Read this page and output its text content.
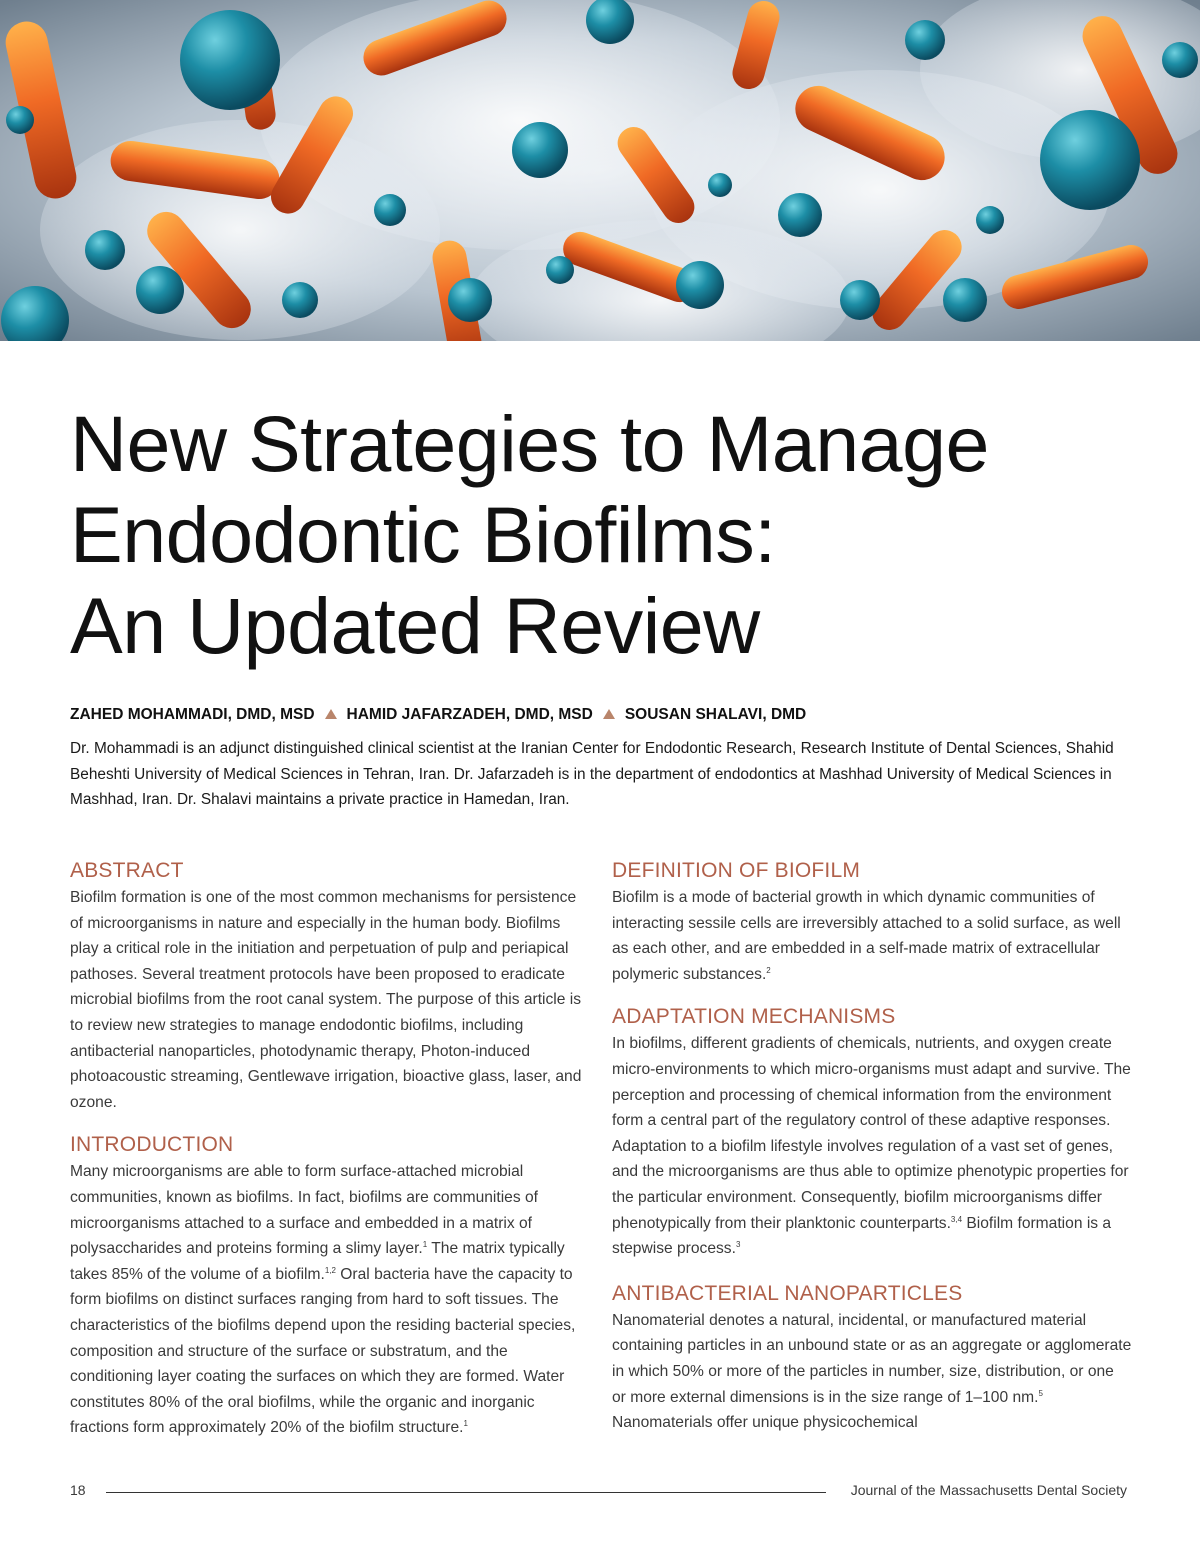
New Strategies to Manage
Endodontic Biofilms:
An Updated Review
ZAHED MOHAMMADI, DMD, MSD HAMID JAFARZADEH, DMD, MSD SOUSAN SHALAVI, DMD

Dr. Mohammadi is an adjunct distinguished clinical scientist at the Iranian Center for Endodontic Research, Research Institute of Dental Sciences, Shahid Beheshti University of Medical Sciences in Tehran, Iran. Dr. Jafarzadeh is in the department of endodontics at Mashhad University of Medical Sciences in Mashhad, Iran. Dr. Shalavi maintains a private practice in Hamedan, Iran.

ABSTRACT

Biofilm formation is one of the most common mechanisms for persistence of microorganisms in nature and especially in the human body. Biofilms play a critical role in the initiation and perpetuation of pulp and periapical pathoses. Several treatment protocols have been proposed to eradicate microbial biofilms from the root canal system. The purpose of this article is to review new strategies to manage endodontic biofilms, including antibacterial nanoparticles, photodynamic therapy, Photon-induced photoacoustic streaming, Gentlewave irrigation, bioactive glass, laser, and ozone.

INTRODUCTION

Many microorganisms are able to form surface-attached microbial communities, known as biofilms. In fact, biofilms are communities of microorganisms attached to a surface and embedded in a matrix of polysaccharides and proteins forming a slimy layer.$^1$ The matrix typically takes 85% of the volume of a biofilm.$^{1,2}$ Oral bacteria have the capacity to form biofilms on distinct surfaces ranging from hard to soft tissues. The characteristics of the biofilms depend upon the residing bacterial species, composition and structure of the surface or substratum, and the conditioning layer coating the surfaces on which they are formed. Water constitutes 80% of the oral biofilms, while the organic and inorganic fractions form approximately 20% of the biofilm structure.$^1$

DEFINITION OF BIOFILM

Biofilm is a mode of bacterial growth in which dynamic communities of interacting sessile cells are irreversibly attached to a solid surface, as well as each other, and are embedded in a self-made matrix of extracellular polymeric substances.$^2$

ADAPTATION MECHANISMS

In biofilms, different gradients of chemicals, nutrients, and oxygen create micro-environments to which micro-organisms must adapt and survive. The perception and processing of chemical information from the environment form a central part of the regulatory control of these adaptive responses. Adaptation to a biofilm lifestyle involves regulation of a vast set of genes, and the microorganisms are thus able to optimize phenotypic properties for the particular environment. Consequently, biofilm microorganisms differ phenotypically from their planktonic counterparts.$^{3,4}$ Biofilm formation is a stepwise process.$^3$

ANTIBACTERIAL NANOPARTICLES

Nanomaterial denotes a natural, incidental, or manufactured material containing particles in an unbound state or as an aggregate or agglomerate in which 50% or more of the particles in number, size, distribution, or one or more external dimensions is in the size range of 1–100 nm.$^5$ Nanomaterials offer unique physicochemical

18	Journal of the Massachusetts Dental Society
